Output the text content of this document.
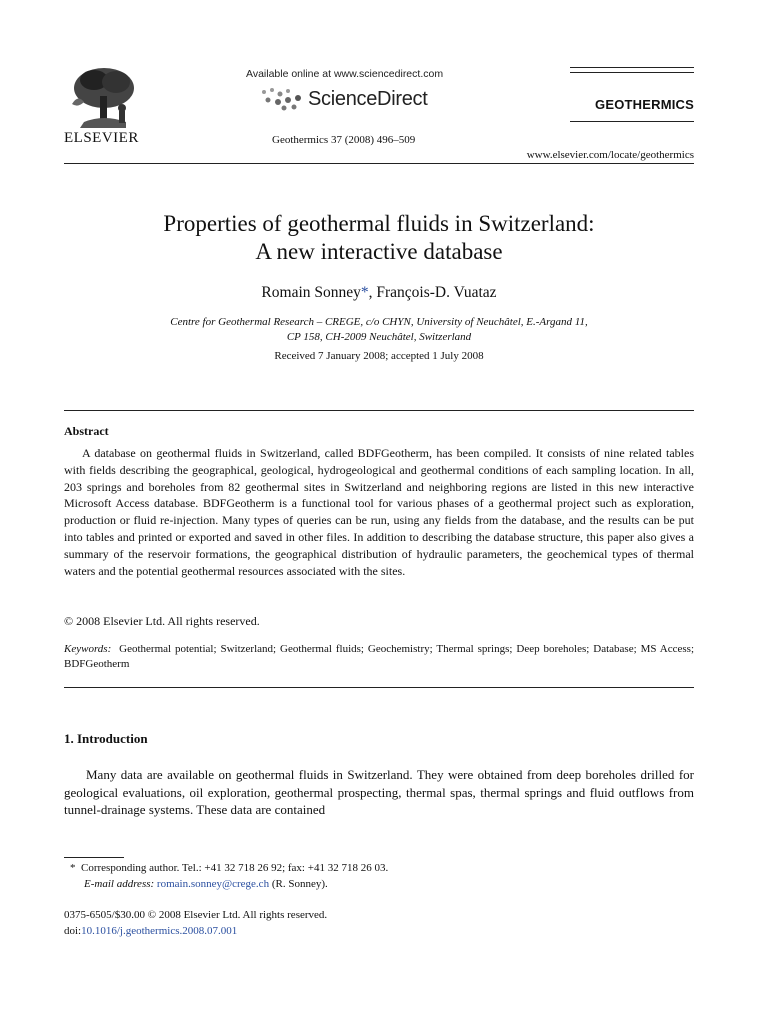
ELSEVIER
Available online at www.sciencedirect.com
ScienceDirect
Geothermics 37 (2008) 496–509
GEOTHERMICS
www.elsevier.com/locate/geothermics
Properties of geothermal fluids in Switzerland:
A new interactive database
Romain Sonney*, François-D. Vuataz
Centre for Geothermal Research – CREGE, c/o CHYN, University of Neuchâtel, E.-Argand 11,
CP 158, CH-2009 Neuchâtel, Switzerland
Received 7 January 2008; accepted 1 July 2008
Abstract

A database on geothermal fluids in Switzerland, called BDFGeotherm, has been compiled. It consists of nine related tables with fields describing the geographical, geological, hydrogeological and geothermal conditions of each sampling location. In all, 203 springs and boreholes from 82 geothermal sites in Switzerland and neighboring regions are listed in this new interactive Microsoft Access database. BDFGeotherm is a functional tool for various phases of a geothermal project such as exploration, production or fluid re-injection. Many types of queries can be run, using any fields from the database, and the results can be put into tables and printed or exported and saved in other files. In addition to describing the database structure, this paper also gives a summary of the reservoir formations, the geographical distribution of hydraulic parameters, the geochemical types of thermal waters and the potential geothermal resources associated with the sites.

© 2008 Elsevier Ltd. All rights reserved.
Keywords: Geothermal potential; Switzerland; Geothermal fluids; Geochemistry; Thermal springs; Deep boreholes; Database; MS Access; BDFGeotherm
1. Introduction

Many data are available on geothermal fluids in Switzerland. They were obtained from deep boreholes drilled for geological evaluations, oil exploration, geothermal prospecting, thermal spas, thermal springs and fluid outflows from tunnel-drainage systems. These data are contained

* Corresponding author. Tel.: +41 32 718 26 92; fax: +41 32 718 26 03.
E-mail address: romain.sonney@crege.ch (R. Sonney).
0375-6505/$30.00 © 2008 Elsevier Ltd. All rights reserved.
doi:10.1016/j.geothermics.2008.07.001
